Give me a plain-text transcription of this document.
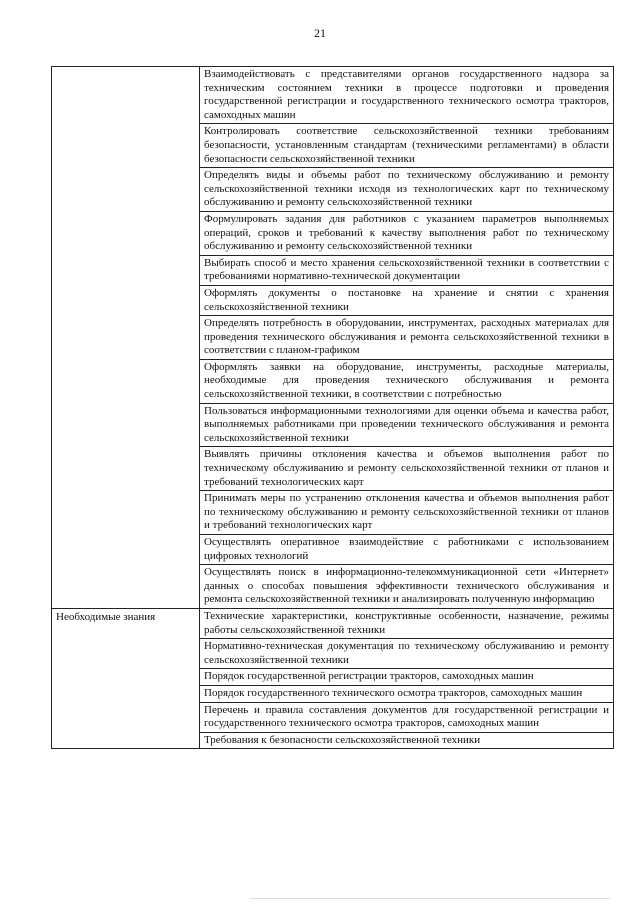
21
	Взаимодействовать с представителями органов государственного надзора за техническим состоянием техники в процессе подготовки и проведения государственной регистрации и государственного технического осмотра тракторов, самоходных машин
	Контролировать соответствие сельскохозяйственной техники требованиям безопасности, установленным стандартам (техническими регламентами) в области безопасности сельскохозяйственной техники
	Определять виды и объемы работ по техническому обслуживанию и ремонту сельскохозяйственной техники исходя из технологических карт по техническому обслуживанию и ремонту сельскохозяйственной техники
	Формулировать задания для работников с указанием параметров выполняемых операций, сроков и требований к качеству выполнения работ по техническому обслуживанию и ремонту сельскохозяйственной техники
	Выбирать способ и место хранения сельскохозяйственной техники в соответствии с требованиями нормативно-технической документации
	Оформлять документы о постановке на хранение и снятии с хранения сельскохозяйственной техники
	Определять потребность в оборудовании, инструментах, расходных материалах для проведения технического обслуживания и ремонта сельскохозяйственной техники в соответствии с планом-графиком
	Оформлять заявки на оборудование, инструменты, расходные материалы, необходимые для проведения технического обслуживания и ремонта сельскохозяйственной техники, в соответствии с потребностью
	Пользоваться информационными технологиями для оценки объема и качества работ, выполняемых работниками при проведении технического обслуживания и ремонта сельскохозяйственной техники
	Выявлять причины отклонения качества и объемов выполнения работ по техническому обслуживанию и ремонту сельскохозяйственной техники от планов и требований технологических карт
	Принимать меры по устранению отклонения качества и объемов выполнения работ по техническому обслуживанию и ремонту сельскохозяйственной техники от планов и требований технологических карт
	Осуществлять оперативное взаимодействие с работниками с использованием цифровых технологий
	Осуществлять поиск в информационно-телекоммуникационной сети «Интернет» данных о способах повышения эффективности технического обслуживания и ремонта сельскохозяйственной техники и анализировать полученную информацию
Необходимые знания	Технические характеристики, конструктивные особенности, назначение, режимы работы сельскохозяйственной техники
	Нормативно-техническая документация по техническому обслуживанию и ремонту сельскохозяйственной техники
	Порядок государственной регистрации тракторов, самоходных машин
	Порядок государственного технического осмотра тракторов, самоходных машин
	Перечень и правила составления документов для государственной регистрации и государственного технического осмотра тракторов, самоходных машин
	Требования к безопасности сельскохозяйственной техники
